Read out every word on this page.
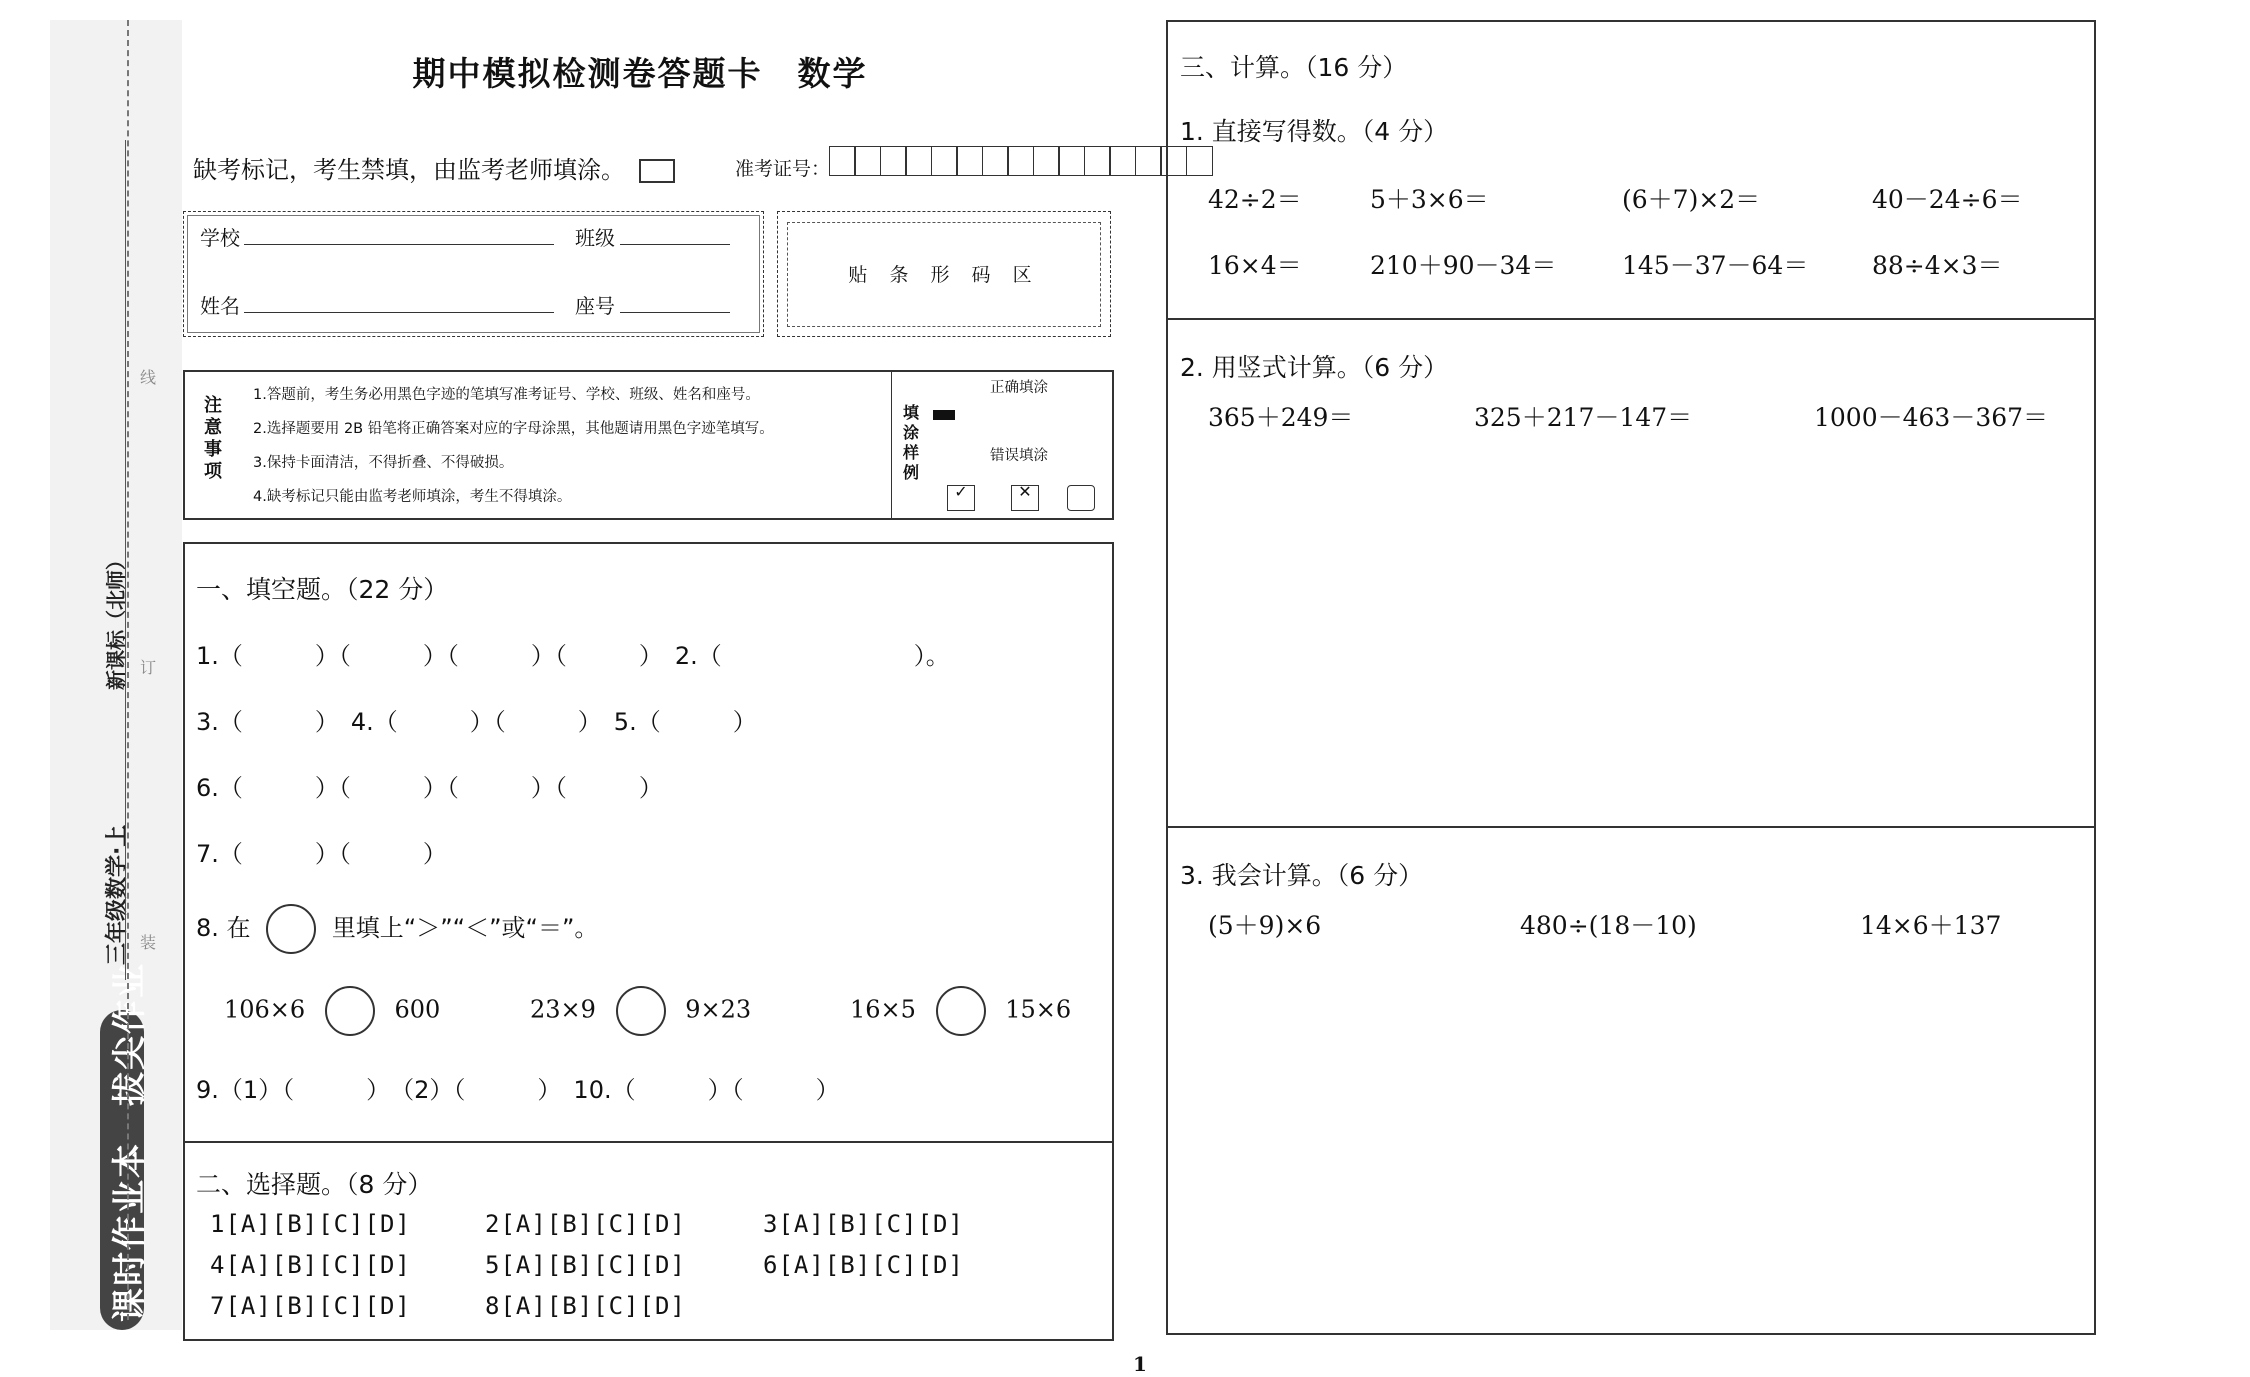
课时作业本　拔尖作业
三年级数学·上
新课标（北师）
线
订
装
期中模拟检测卷答题卡　数学
缺考标记，考生禁填，由监考老师填涂。	准考证号：
学校	班级
姓名	座号
贴 条 形 码 区
注意事项
1.答题前，考生务必用黑色字迹的笔填写准考证号、学校、班级、姓名和座号。
2.选择题要用 2B 铅笔将正确答案对应的字母涂黑，其他题请用黑色字迹笔填写。
3.保持卡面清洁，不得折叠、不得破损。
4.缺考标记只能由监考老师填涂，考生不得填涂。
填涂样例
正确填涂
错误填涂
✓	✕
一、填空题。（22 分）
1.（　　　）（　　　）（　　　）（　　　）　2.（　　　　　　　　）。
3.（　　　）　4.（　　　）（　　　）　5.（　　　）
6.（　　　）（　　　）（　　　）（　　　）
7.（　　　）（　　　）
8. 在	里填上“＞”“＜”或“＝”。
106×6	600	23×9	9×23	16×5	15×6
9.（1）（　　　）　（2）（　　　）　10.（　　　）（　　　）
二、选择题。（8 分）
1[A][B][C][D]	2[A][B][C][D]	3[A][B][C][D]
4[A][B][C][D]	5[A][B][C][D]	6[A][B][C][D]
7[A][B][C][D]	8[A][B][C][D]
三、计算。（16 分）
1. 直接写得数。（4 分）
42÷2＝	5＋3×6＝	(6＋7)×2＝	40－24÷6＝
16×4＝	210＋90－34＝	145－37－64＝	88÷4×3＝
2. 用竖式计算。（6 分）
365＋249＝	325＋217－147＝	1000－463－367＝
3. 我会计算。（6 分）
(5＋9)×6	480÷(18－10)	14×6＋137
1
